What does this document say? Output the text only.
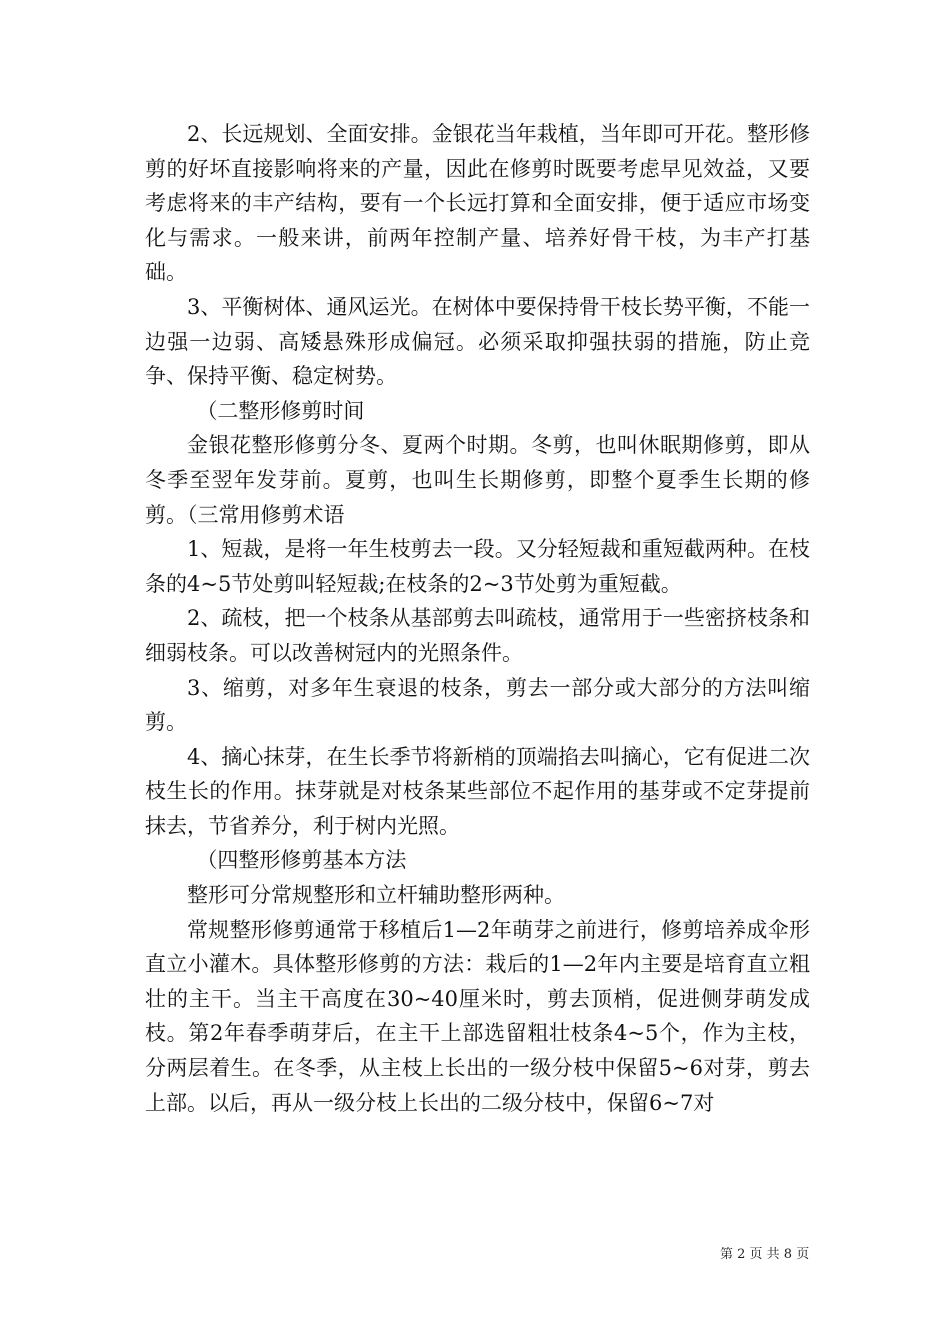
2、长远规划、全面安排。金银花当年栽植，当年即可开花。整形修剪的好坏直接影响将来的产量，因此在修剪时既要考虑早见效益，又要考虑将来的丰产结构，要有一个长远打算和全面安排，便于适应市场变化与需求。一般来讲，前两年控制产量、培养好骨干枝，为丰产打基础。

3、平衡树体、通风运光。在树体中要保持骨干枝长势平衡，不能一边强一边弱、高矮悬殊形成偏冠。必须采取抑强扶弱的措施，防止竞争、保持平衡、稳定树势。

（二整形修剪时间

金银花整形修剪分冬、夏两个时期。冬剪，也叫休眠期修剪，即从冬季至翌年发芽前。夏剪，也叫生长期修剪，即整个夏季生长期的修剪。（三常用修剪术语

1、短裁，是将一年生枝剪去一段。又分轻短裁和重短截两种。在枝条的4~5节处剪叫轻短裁;在枝条的2~3节处剪为重短截。

2、疏枝，把一个枝条从基部剪去叫疏枝，通常用于一些密挤枝条和细弱枝条。可以改善树冠内的光照条件。

3、缩剪，对多年生衰退的枝条，剪去一部分或大部分的方法叫缩剪。

4、摘心抹芽，在生长季节将新梢的顶端掐去叫摘心，它有促进二次枝生长的作用。抹芽就是对枝条某些部位不起作用的基芽或不定芽提前抹去，节省养分，利于树内光照。

（四整形修剪基本方法

整形可分常规整形和立杆辅助整形两种。

常规整形修剪通常于移植后1—2年萌芽之前进行，修剪培养成伞形直立小灌木。具体整形修剪的方法：栽后的1—2年内主要是培育直立粗壮的主干。当主干高度在30~40厘米时，剪去顶梢，促进侧芽萌发成枝。第2年春季萌芽后，在主干上部选留粗壮枝条4~5个，作为主枝，分两层着生。在冬季，从主枝上长出的一级分枝中保留5~6对芽，剪去上部。以后，再从一级分枝上长出的二级分枝中，保留6~7对

第 2 页 共 8 页
